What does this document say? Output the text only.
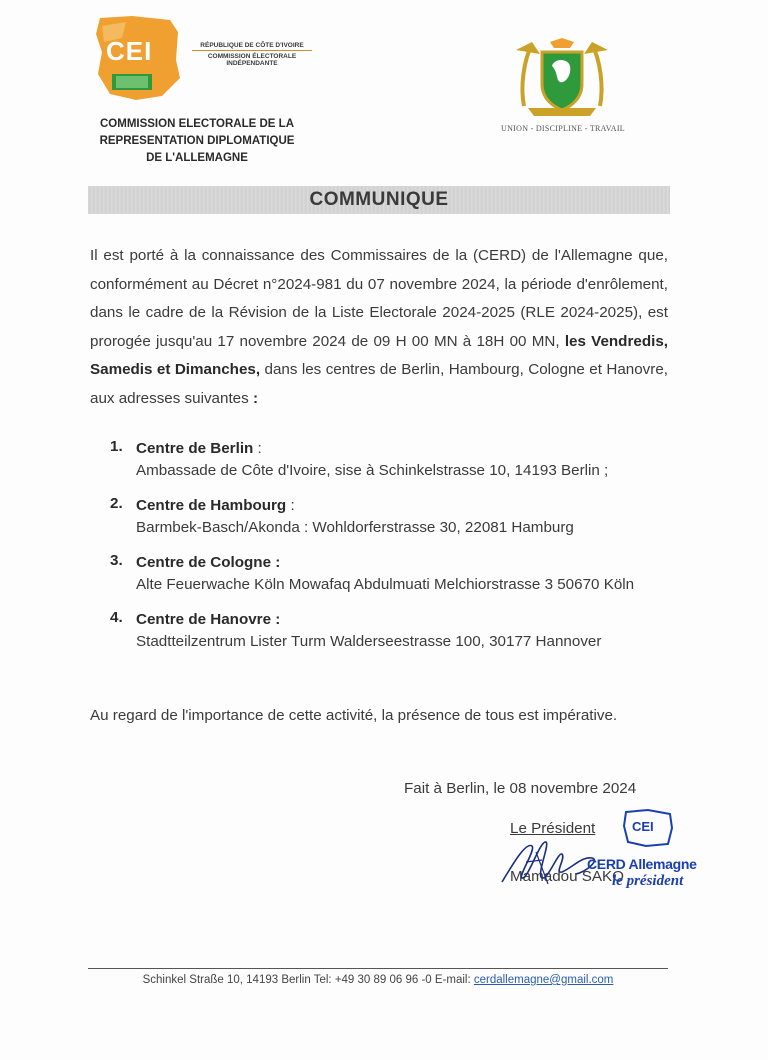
CEI	RÉPUBLIQUE DE CÔTE D'IVOIRE
COMMISSION ÉLECTORALE
INDÉPENDANTE
COMMISSION ELECTORALE DE LA
REPRESENTATION DIPLOMATIQUE
DE L'ALLEMAGNE
UNION - DISCIPLINE - TRAVAIL
COMMUNIQUE
Il est porté à la connaissance des Commissaires de la (CERD) de l'Allemagne que, conformément au Décret n°2024-981 du 07 novembre 2024, la période d'enrôlement, dans le cadre de la Révision de la Liste Electorale 2024-2025 (RLE 2024-2025), est prorogée jusqu'au 17 novembre 2024 de 09 H 00 MN à 18H 00 MN, les Vendredis, Samedis et Dimanches, dans les centres de Berlin, Hambourg, Cologne et Hanovre, aux adresses suivantes :
1. Centre de Berlin :
Ambassade de Côte d'Ivoire, sise à Schinkelstrasse 10, 14193 Berlin ;
2. Centre de Hambourg :
Barmbek-Basch/Akonda : Wohldorferstrasse 30, 22081 Hamburg
3. Centre de Cologne :
Alte Feuerwache Köln Mowafaq Abdulmuati Melchiorstrasse 3 50670 Köln
4. Centre de Hanovre :
Stadtteilzentrum Lister Turm Walderseestrasse 100, 30177 Hannover
Au regard de l'importance de cette activité, la présence de tous est impérative.
Fait à Berlin, le 08 novembre 2024
Le Président
Mamadou SAKO
CEI
CERD Allemagne
le président
Schinkel Straße 10, 14193 Berlin Tel: +49 30 89 06 96 -0 E-mail: cerdallemagne@gmail.com
